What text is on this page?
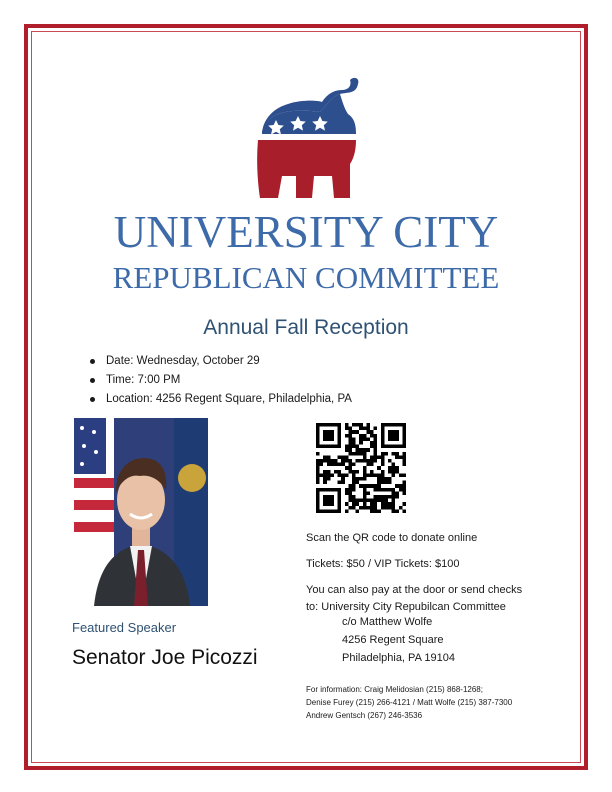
UNIVERSITY CITY
REPUBLICAN COMMITTEE
Annual Fall Reception
Date: Wednesday, October 29
Time: 7:00 PM
Location: 4256 Regent Square, Philadelphia, PA
Featured Speaker
Senator Joe Picozzi
Scan the QR code to donate online
Tickets: $50 / VIP Tickets: $100
You can also pay at the door or send checks
to: University City Repubilcan Committee
c/o Matthew Wolfe
4256 Regent Square
Philadelphia, PA 19104
For information: Craig Melidosian (215) 868-1268;
Denise Furey (215) 266-4121 / Matt Wolfe (215) 387-7300
Andrew Gentsch (267) 246-3536
